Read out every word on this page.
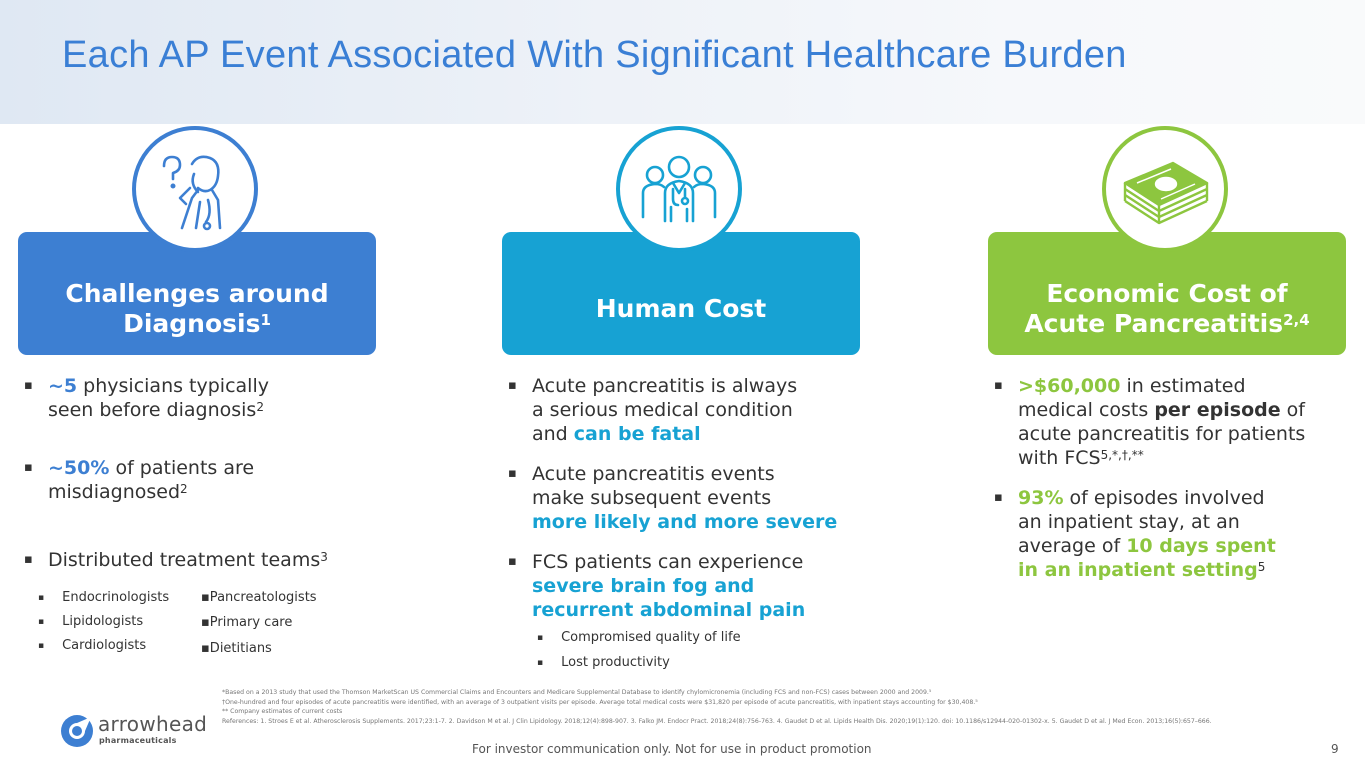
Each AP Event Associated With Significant Healthcare Burden
Challenges around
Diagnosis$^1$
▪ ~5 physicians typically
seen before diagnosis$^2$
▪ ~50% of patients are
misdiagnosed$^2$
▪ Distributed treatment teams$^3$
▪ Endocrinologists
▪ Lipidologists
▪ Cardiologists
▪Pancreatologists
▪Primary care
▪Dietitians
Human Cost
▪ Acute pancreatitis is always
a serious medical condition
and can be fatal
▪ Acute pancreatitis events
make subsequent events
more likely and more severe
▪ FCS patients can experience
severe brain fog and
recurrent abdominal pain
▪ Compromised quality of life
▪ Lost productivity
Economic Cost of
Acute Pancreatitis$^{2,4}$
▪ >$60,000 in estimated
medical costs per episode of
acute pancreatitis for patients
with $FCS^{5,*,\dagger,**}$
▪ 93% of episodes involved
an inpatient stay, at an
average of 10 days spent
in an inpatient setting$^5$
*Based on a 2013 study that used the Thomson MarketScan US Commercial Claims and Encounters and Medicare Supplemental Database to identify chylomicronemia (including FCS and non-FCS) cases between 2000 and 2009.⁵
†One-hundred and four episodes of acute pancreatitis were identified, with an average of 3 outpatient visits per episode. Average total medical costs were $31,820 per episode of acute pancreatitis, with inpatient stays accounting for $30,408.⁵
** Company estimates of current costs
References: 1. Stroes E et al. Atherosclerosis Supplements. 2017;23:1-7. 2. Davidson M et al. J Clin Lipidology. 2018;12(4):898-907. 3. Falko JM. Endocr Pract. 2018;24(8):756-763. 4. Gaudet D et al. Lipids Health Dis. 2020;19(1):120. doi: 10.1186/s12944-020-01302-x. 5. Gaudet D et al. J Med Econ. 2013;16(5):657–666.
arrowhead
pharmaceuticals
For investor communication only. Not for use in product promotion	9
